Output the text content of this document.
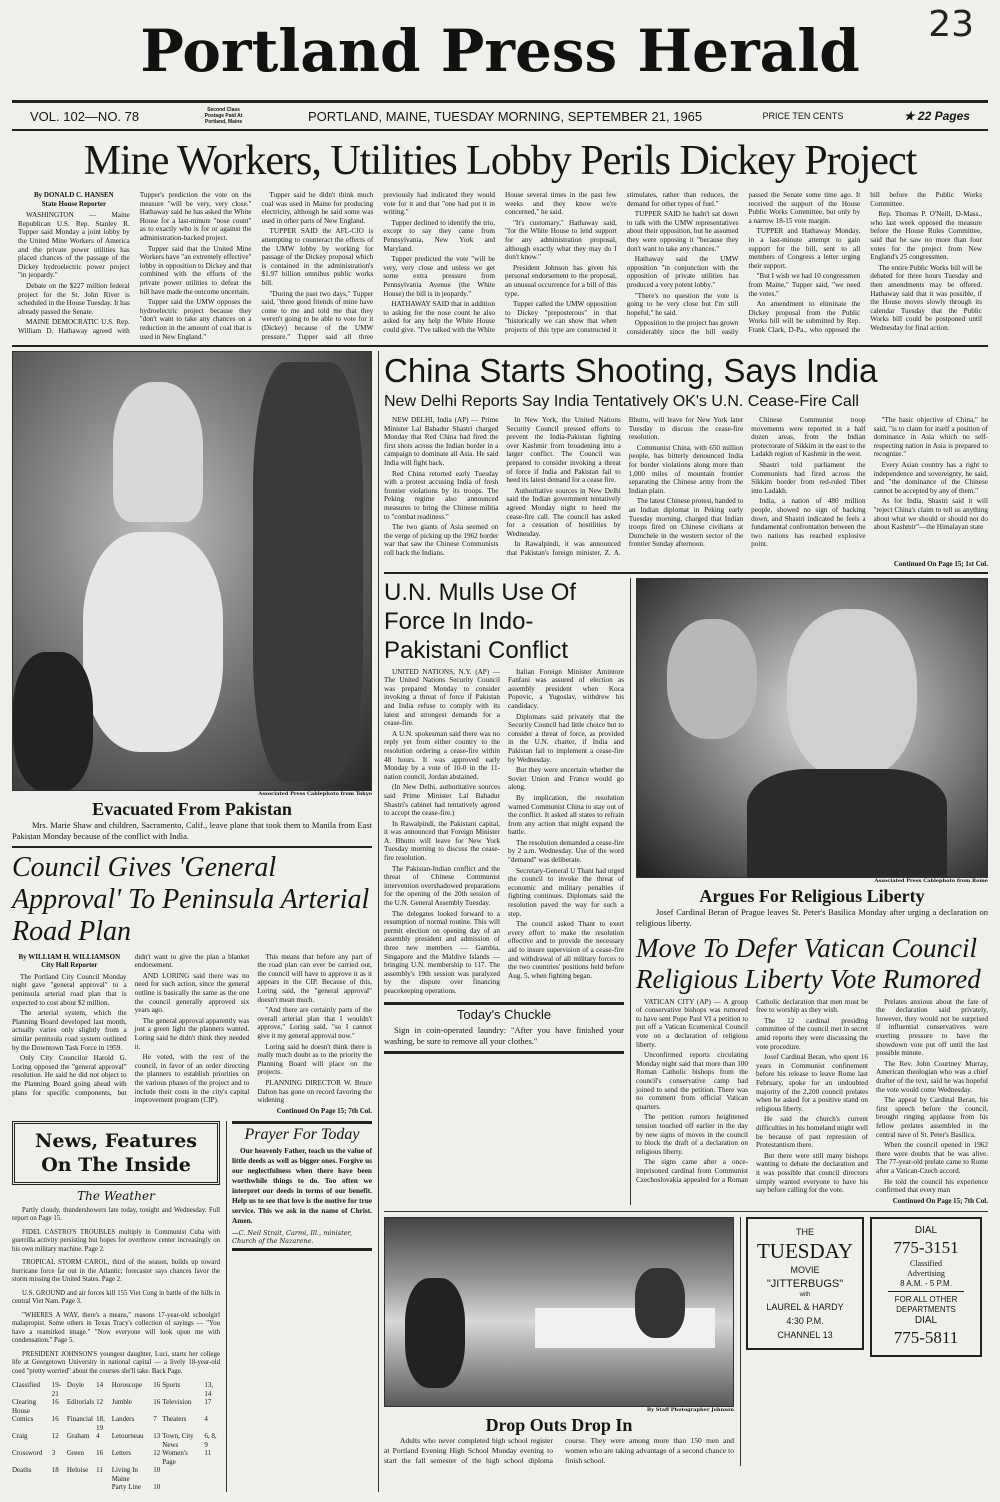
Portland Press Herald	23
VOL. 102—NO. 78	Second Class Postage Paid At Portland, Maine	PORTLAND, MAINE, TUESDAY MORNING, SEPTEMBER 21, 1965	PRICE TEN CENTS	★ 22 Pages
Mine Workers, Utilities Lobby Perils Dickey Project
By DONALD C. HANSEN
State House Reporter

WASHINGTON — Maine Republican U.S. Rep. Stanley R. Tupper said Monday a joint lobby by the United Mine Workers of America and the private power utilities has placed chances of the passage of the Dickey hydroelectric power project "in jeopardy."

Debate on the $227 million federal project for the St. John River is scheduled in the House Tuesday. It has already passed the Senate.

MAINE DEMOCRATIC U.S. Rep. William D. Hathaway agreed with Tupper's prediction the vote on the measure "will be very, very close." Hathaway said he has asked the White House for a last-minute "nose count" as to exactly who is for or against the administration-backed project.

Tupper said that the United Mine Workers have "an extremely effective" lobby in opposition to Dickey and that combined with the efforts of the private power utilities to defeat the bill have made the outcome uncertain.

Tupper said the UMW opposes the hydroelectric project because they "don't want to take any chances on a reduction in the amount of coal that is used in New England."

Tupper said he didn't think much coal was used in Maine for producing electricity, although he said some was used in other parts of New England.

TUPPER SAID the AFL-CIO is attempting to counteract the effects of the UMW lobby by working for passage of the Dickey proposal which is contained in the administration's $1.97 billion omnibus public works bill.

"During the past two days," Tupper said, "three good friends of mine have come to me and told me that they weren't going to be able to vote for it (Dickey) because of the UMW pressure." Tupper said all three previously had indicated they would vote for it and that "one had put it in writing."

Tupper declined to identify the trio, except to say they came from Pennsylvania, New York and Maryland.

Tupper predicted the vote "will be very, very close and unless we get some extra pressure from Pennsylvania Avenue (the White House) the bill is in jeopardy."

HATHAWAY SAID that in addition to asking for the nose count he also asked for any help the White House could give. "I've talked with the White House several times in the past few weeks and they know we're concerned," he said.

"It's customary," Hathaway said, "for the White House to lend support for any administration proposal, although exactly what they may do I don't know."

President Johnson has given his personal endorsement to the proposal, an unusual occurrence for a bill of this type.

Tupper called the UMW opposition to Dickey "preposterous" in that "historically we can show that when projects of this type are constructed it stimulates, rather than reduces, the demand for other types of fuel."

TUPPER SAID he hadn't sat down to talk with the UMW representatives about their opposition, but he assumed they were opposing it "because they don't want to take any chances."

Hathaway said the UMW opposition "in conjunction with the opposition of private utilities has produced a very potent lobby."

"There's no question the vote is going to be very close but I'm still hopeful," he said.

Opposition to the project has grown considerably since the bill easily passed the Senate some time ago. It received the support of the House Public Works Committee, but only by a narrow 18-15 vote margin.

TUPPER and Hathaway Monday, in a last-minute attempt to gain support for the bill, sent to all members of Congress a letter urging their support.

"But I wish we had 10 congressmen from Maine," Tupper said, "we need the votes."

An amendment to eliminate the Dickey proposal from the Public Works bill will be submitted by Rep. Frank Clark, D-Pa., who opposed the bill before the Public Works Committee.

Rep. Thomas P. O'Neill, D-Mass., who last week opposed the measure before the House Rules Committee, said that he saw no more than four votes for the project from New England's 25 congressmen.

The entire Public Works bill will be debated for three hours Tuesday and then amendments may be offered. Hathaway said that it was possible, if the House moves slowly through its calendar Tuesday that the Public Works bill could be postponed until Wednesday for final action.

Associated Press Cablephoto from Tokyo
Evacuated From Pakistan
Mrs. Marie Shaw and children, Sacramento, Calif., leave plane that took them to Manila from East Pakistan Monday because of the conflict with India.
Council Gives 'General Approval' To Peninsula Arterial Road Plan
By WILLIAM H. WILLIAMSON
City Hall Reporter

The Portland City Council Monday night gave "general approval" to a peninsula arterial road plan that is expected to cost about $2 million.

The arterial system, which the Planning Board developed last month, actually varies only slightly from a similar peninsula road system outlined by the Downtown Task Force in 1959.

Only City Councilor Harold G. Loring opposed the "general approval" resolution. He said he did not object to the Planning Board going ahead with plans for specific components, but didn't want to give the plan a blanket endorsement.

AND LORING said there was no need for such action, since the general outline is basically the same as the one the council generally approved six years ago.

The general approval apparently was just a green light the planners wanted. Loring said he didn't think they needed it.

He voted, with the rest of the council, in favor of an order directing the planners to establish priorities on the various phases of the project and to include their costs in the city's capital improvement program (CIP).

This means that before any part of the road plan can ever be carried out, the council will have to approve it as it appears in the CIP. Because of this, Loring said, the "general approval" doesn't mean much.

"And there are certainly parts of the overall arterial plan that I wouldn't approve," Loring said, "so I cannot give it my general approval now."

Loring said he doesn't think there is really much doubt as to the priority the Planning Board will place on the projects.

PLANNING DIRECTOR W. Bruce Dalton has gone on record favoring the widening

Continued On Page 15; 7th Col.
News, Features On The Inside
The Weather
Partly cloudy, thundershowers late today, tonight and Wednesday. Full report on Page 15.
FIDEL CASTRO'S TROUBLES multiply in Communist Cuba with guerrilla activity persisting but hopes for overthrow center increasingly on his own military machine. Page 2.
TROPICAL STORM CAROL, third of the season, builds up toward hurricane force far out in the Atlantic; forecaster says chances favor the storm missing the United States. Page 2.
U.S. GROUND and air forces kill 155 Viet Cong in battle of the hills in central Viet Nam. Page 3.
"WHERES A WAY, there's a means," reasons 17-year-old schoolgirl malapropist. Some others in Texas Tracy's collection of sayings — "You have a reamirked image." "Now everyone will look upon me with condensation." Page 5.
PRESIDENT JOHNSON'S youngest daughter, Luci, starts her college life at Georgetown University in national capital — a lively 18-year-old coed "pretty worried" about the courses she'll take. Back Page.
Classified	19-21	Doyle	14	Horoscope	16	Sports	13, 14
Clearing House	16	Editorials	12	Jumble	16	Television	17
Comics	16	Financial	18, 19	Landers	7	Theaters	4
Craig	12	Graham	4	Letourneau	13	Town, City News	6, 8, 9
Crossword	3	Green	16	Letters	12	Women's Page	11
Deaths	18	Heloise	11	Living In Maine	10		
				Party Line	10		
Prayer For Today
Our heavenly Father, teach us the value of little deeds as well as bigger ones. Forgive us our neglectfulness when there have been worthwhile things to do. Too often we interpret our deeds in terms of our benefit. Help us to see that love is the motive for true service. This we ask in the name of Christ. Amen.
—C. Neil Strait, Carmi, Ill., minister, Church of the Nazarene.
China Starts Shooting, Says India
New Delhi Reports Say India Tentatively OK's U.N. Cease-Fire Call

NEW DELHI, India (AP) — Prime Minister Lal Bahadur Shastri charged Monday that Red China had fired the first shots across the Indian border in a campaign to dominate all Asia. He said India will fight back.

Red China retorted early Tuesday with a protest accusing India of fresh frontier violations by its troops. The Peking regime also announced measures to bring the Chinese militia to "combat readiness."

The two giants of Asia seemed on the verge of picking up the 1962 border war that saw the Chinese Communists roll back the Indians.

In New York, the United Nations Security Council pressed efforts to prevent the India-Pakistan fighting over Kashmir from broadening into a larger conflict. The Council was prepared to consider invoking a threat of force if India and Pakistan fail to heed its latest demand for a cease fire.

Authoritative sources in New Delhi said the Indian government tentatively agreed Monday night to heed the cease-fire call. The council has asked for a cessation of hostilities by Wednesday.

In Rawalpindi, it was announced that Pakistan's foreign minister, Z. A. Bhutto, will leave for New York later Tuesday to discuss the cease-fire resolution.

Communist China, with 650 million people, has bitterly denounced India for border violations along more than 1,000 miles of mountain frontier separating the Chinese army from the Indian plain.

The latest Chinese protest, handed to an Indian diplomat in Peking early Tuesday morning, charged that Indian troops fired on Chinese civilians at Dumchele in the western sector of the frontier Sunday afternoon.

Chinese Communist troop movements were reported in a half dozen areas, from the Indian protectorate of Sikkim in the east to the Ladakh region of Kashmir in the west.

Shastri told parliament the Communists had fired across the Sikkim border from red-ruled Tibet into Ladakh.

India, a nation of 480 million people, showed no sign of backing down, and Shastri indicated he feels a fundamental confrontation between the two nations has reached explosive point.

"The basic objective of China," he said, "is to claim for itself a position of dominance in Asia which no self-respecting nation in Asia is prepared to recognize."

Every Asian country has a right to independence and sovereignty, he said, and "the dominance of the Chinese cannot be accepted by any of them."

As for India, Shastri said it will "reject China's claim to tell us anything about what we should or should not do about Kashmir"—the Himalayan state

Continued On Page 15; 1st Col.
U.N. Mulls Use Of Force In Indo-Pakistani Conflict

UNITED NATIONS, N.Y. (AP) — The United Nations Security Council was prepared Monday to consider invoking a threat of force if Pakistan and India refuse to comply with its latest and strongest demands for a cease-fire.

A U.N. spokesman said there was no reply yet from either country to the resolution ordering a cease-fire within 48 hours. It was approved early Monday by a vote of 10-0 in the 11-nation council, Jordan abstained.

(In New Delhi, authoritative sources said Prime Minister Lal Bahadur Shastri's cabinet had tentatively agreed to accept the cease-fire.)

In Rawalpindi, the Pakistani capital, it was announced that Foreign Minister A. Bhutto will leave for New York Tuesday morning to discuss the cease-fire resolution.

The Pakistan-Indian conflict and the threat of Chinese Communist intervention overshadowed preparations for the opening of the 20th session of the U.N. General Assembly Tuesday.

The delegates looked forward to a resumption of normal routine. This will permit election on opening day of an assembly president and admission of three new members — Gambia, Singapore and the Maldive Islands — bringing U.N. membership to 117. The assembly's 19th session was paralyzed by the dispute over financing peacekeeping operations.

Italian Foreign Minister Amintore Fanfani was assured of election as assembly president when Koca Popovic, a Yugoslav, withdrew his candidacy.

Diplomats said privately that the Security Council had little choice but to consider a threat of force, as provided in the U.N. charter, if India and Pakistan fail to implement a cease-fire by Wednesday.

But they were uncertain whether the Soviet Union and France would go along.

By implication, the resolution warned Communist China to stay out of the conflict. It asked all states to refrain from any action that might expand the battle.

The resolution demanded a cease-fire by 2 a.m. Wednesday. Use of the word "demand" was deliberate.

Secretary-General U Thant had urged the council to invoke the threat of economic and military penalties if fighting continues. Diplomats said the resolution paved the way for such a step.

The council asked Thant to exert every effort to make the resolution effective and to provide the necessary aid to insure supervision of a cease-fire and withdrawal of all military forces to the two countries' positions held before Aug. 5, when fighting began.

Today's Chuckle
Sign in coin-operated laundry: "After you have finished your washing, be sure to remove all your clothes."
Associated Press Cablephoto from Rome
Argues For Religious Liberty
Josef Cardinal Beran of Prague leaves St. Peter's Basilica Monday after urging a declaration on religious liberty.
Move To Defer Vatican Council Religious Liberty Vote Rumored

VATICAN CITY (AP) — A group of conservative bishops was rumored to have sent Pope Paul VI a petition to put off a Vatican Ecumenical Council vote on a declaration of religious liberty.

Unconfirmed reports circulating Monday night said that more than 100 Roman Catholic bishops from the council's conservative camp had joined to send the petition. There was no comment from official Vatican quarters.

The petition rumors heightened tension touched off earlier in the day by new signs of moves in the council to block the draft of a declaration on religious liberty.

The signs came after a once-imprisoned cardinal from Communist Czechoslovakia appealed for a Roman Catholic declaration that men must be free to worship as they wish.

The 12 cardinal presiding committee of the council met in secret amid reports they were discussing the vote procedure.

Josef Cardinal Beran, who spent 16 years in Communist confinement before his release to leave Rome last February, spoke for an undoubted majority of the 2,200 council prelates when he asked for a positive stand on religious liberty.

He said the church's current difficulties in his homeland might well be because of past repression of Protestantism there.

But there were still many bishops wanting to debate the declaration and it was possible that council directors simply wanted everyone to have his say before calling for the vote.

Prelates anxious about the fate of the declaration said privately, however, they would not be surprised if influential conservatives were exerting pressure to have the showdown vote put off until the last possible minute.

The Rev. John Courtney Murray, American theologian who was a chief drafter of the text, said he was hopeful the vote would come Wednesday.

The appeal by Cardinal Beran, his first speech before the council, brought ringing applause from his fellow prelates assembled in the central nave of St. Peter's Basilica.

When the council opened in 1962 there were doubts that he was alive. The 77-year-old prelate came to Rome after a Vatican-Czech accord.

He told the council his experience confirmed that every man

Continued On Page 15; 7th Col.
By Staff Photographer Johnson
Drop Outs Drop In
Adults who never completed high school register at Portland Evening High School Monday evening to start the fall semester of the high school diploma course. They were among more than 150 men and women who are taking advantage of a second chance to finish school.
THE
TUESDAY
MOVIE
"JITTERBUGS"
with
LAUREL & HARDY
4:30 P.M.
CHANNEL 13
DIAL
775-3151
Classified Advertising
8 A.M. - 5 P.M.
FOR ALL OTHER DEPARTMENTS
DIAL
775-5811
